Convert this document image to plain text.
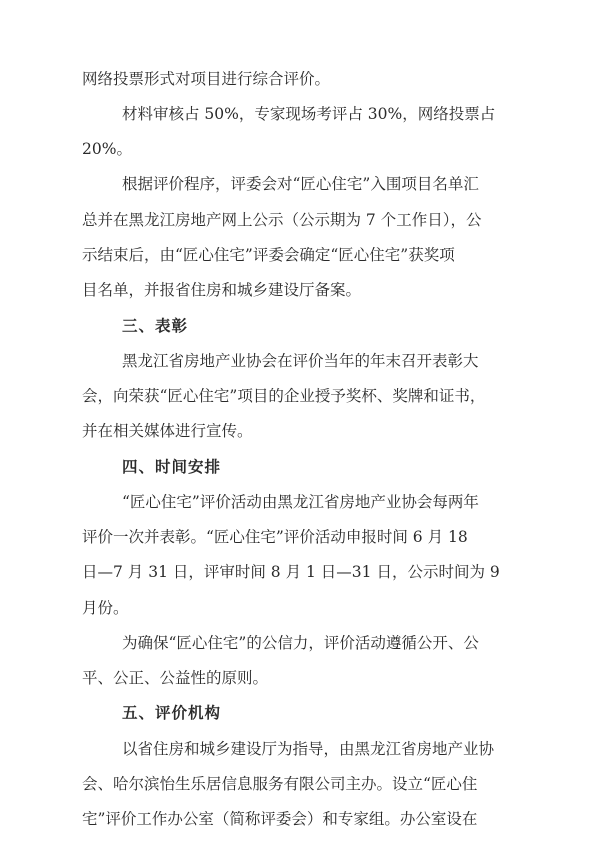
网络投票形式对项目进行综合评价。
材料审核占 50%，专家现场考评占 30%，网络投票占
20%。
根据评价程序，评委会对“匠心住宅”入围项目名单汇
总并在黑龙江房地产网上公示（公示期为 7 个工作日），公
示结束后，由“匠心住宅”评委会确定“匠心住宅”获奖项
目名单，并报省住房和城乡建设厅备案。
三、表彰
黑龙江省房地产业协会在评价当年的年末召开表彰大
会，向荣获“匠心住宅”项目的企业授予奖杯、奖牌和证书，
并在相关媒体进行宣传。
四、时间安排
“匠心住宅”评价活动由黑龙江省房地产业协会每两年
评价一次并表彰。“匠心住宅”评价活动申报时间 6 月 18
日—7 月 31 日，评审时间 8 月 1 日—31 日，公示时间为 9
月份。
为确保“匠心住宅”的公信力，评价活动遵循公开、公
平、公正、公益性的原则。
五、评价机构
以省住房和城乡建设厅为指导，由黑龙江省房地产业协
会、哈尔滨怡生乐居信息服务有限公司主办。设立“匠心住
宅”评价工作办公室（简称评委会）和专家组。办公室设在
